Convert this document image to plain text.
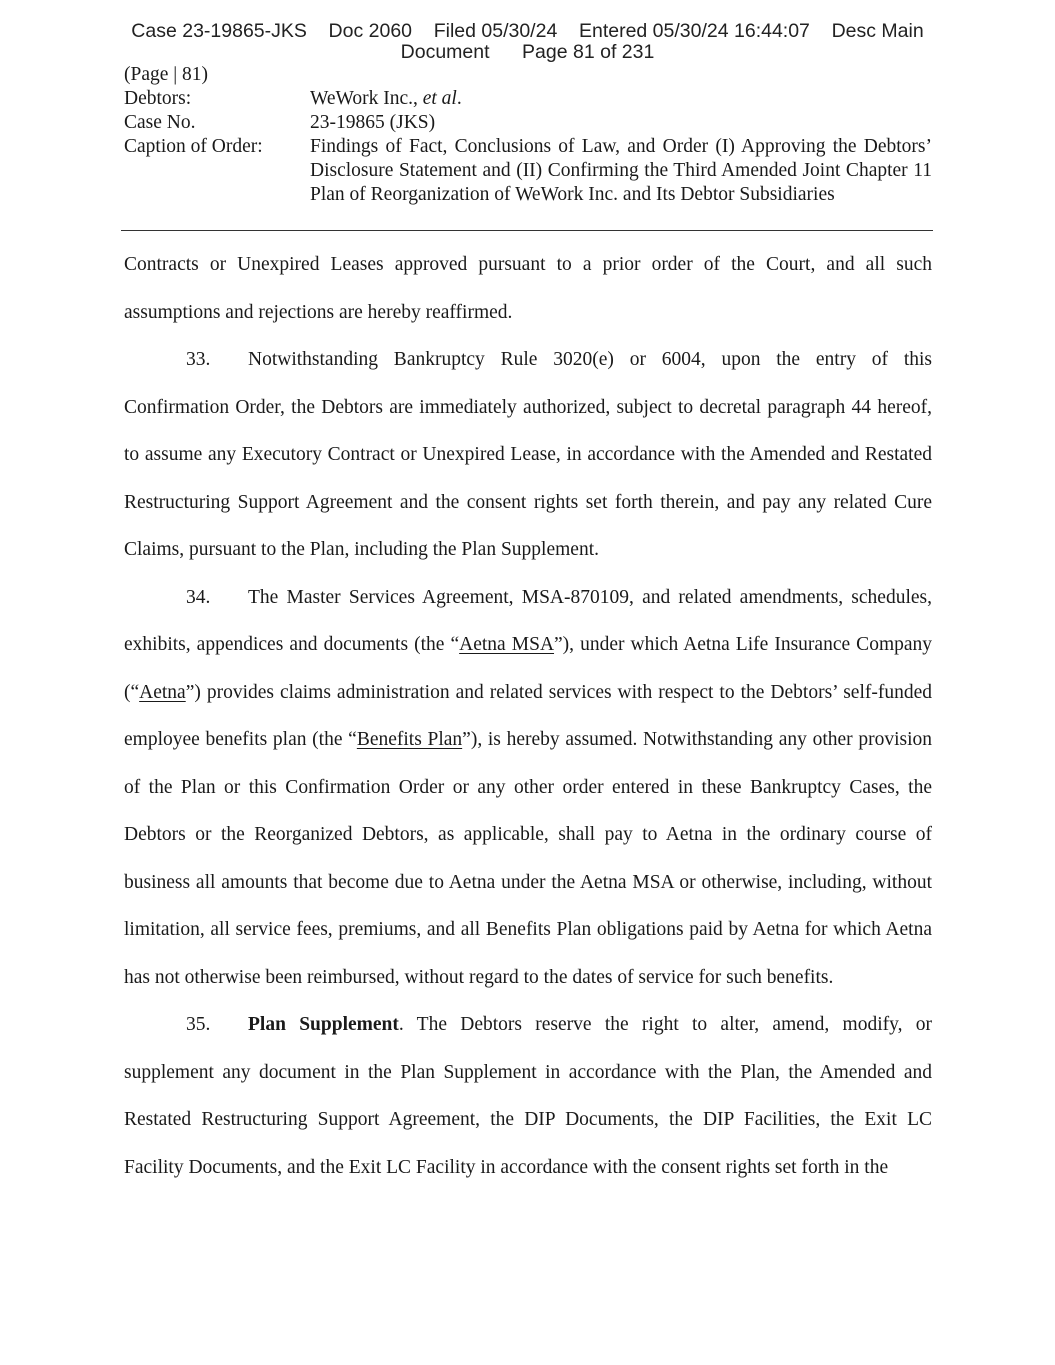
Case 23-19865-JKS    Doc 2060    Filed 05/30/24    Entered 05/30/24 16:44:07    Desc Main
Document      Page 81 of 231
(Page | 81)
Debtors:	WeWork Inc., et al.
Case No.	23-19865 (JKS)
Caption of Order:	Findings of Fact, Conclusions of Law, and Order (I) Approving the Debtors’ Disclosure Statement and (II) Confirming the Third Amended Joint Chapter 11 Plan of Reorganization of WeWork Inc. and Its Debtor Subsidiaries

Contracts or Unexpired Leases approved pursuant to a prior order of the Court, and all such assumptions and rejections are hereby reaffirmed.

33. Notwithstanding Bankruptcy Rule 3020(e) or 6004, upon the entry of this Confirmation Order, the Debtors are immediately authorized, subject to decretal paragraph 44 hereof, to assume any Executory Contract or Unexpired Lease, in accordance with the Amended and Restated Restructuring Support Agreement and the consent rights set forth therein, and pay any related Cure Claims, pursuant to the Plan, including the Plan Supplement.

34. The Master Services Agreement, MSA-870109, and related amendments, schedules, exhibits, appendices and documents (the “Aetna MSA”), under which Aetna Life Insurance Company (“Aetna”) provides claims administration and related services with respect to the Debtors’ self-funded employee benefits plan (the “Benefits Plan”), is hereby assumed. Notwithstanding any other provision of the Plan or this Confirmation Order or any other order entered in these Bankruptcy Cases, the Debtors or the Reorganized Debtors, as applicable, shall pay to Aetna in the ordinary course of business all amounts that become due to Aetna under the Aetna MSA or otherwise, including, without limitation, all service fees, premiums, and all Benefits Plan obligations paid by Aetna for which Aetna has not otherwise been reimbursed, without regard to the dates of service for such benefits.

35. Plan Supplement. The Debtors reserve the right to alter, amend, modify, or supplement any document in the Plan Supplement in accordance with the Plan, the Amended and Restated Restructuring Support Agreement, the DIP Documents, the DIP Facilities, the Exit LC Facility Documents, and the Exit LC Facility in accordance with the consent rights set forth in the
